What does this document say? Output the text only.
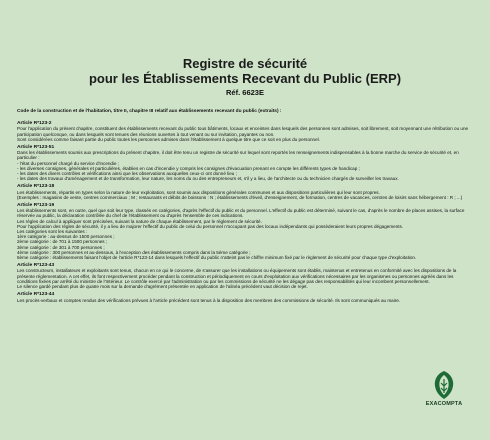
Registre de sécurité

pour les Établissements Recevant du Public (ERP)

Réf. 6623E
Code de la construction et de l'habitation, titre II, chapitre III relatif aux établissements recevant du public (extraits) :
Article R*123-2

Pour l'application du présent chapitre, constituent des établissements recevant du public tous bâtiments, locaux et enceintes dans lesquels des personnes sont admises, soit librement, soit moyennant une rétribution ou une participation quelconque, ou dans lesquels sont tenues des réunions ouvertes à tout venant ou sur invitation, payantes ou non.

Sont considérées comme faisant partie du public toutes les personnes admises dans l'établissement à quelque titre que ce soit en plus du personnel.

Article R*123-51

Dans les établissements soumis aux prescriptions du présent chapitre, il doit être tenu un registre de sécurité sur lequel sont reportés les renseignements indispensables à la bonne marche du service de sécurité et, en particulier :

- l'état du personnel chargé du service d'incendie ;

- les diverses consignes, générales et particulières, établies en cas d'incendie y compris les consignes d'évacuation prenant en compte les différents types de handicap ;

- les dates des divers contrôles et vérifications ainsi que les observations auxquelles ceux-ci ont donné lieu ;

- les dates des travaux d'aménagement et de transformation, leur nature, les noms du ou des entrepreneurs et, s'il y a lieu, de l'architecte ou du technicien chargés de surveiller les travaux.

Article R*123-18

Les établissements, répartis en types selon la nature de leur exploitation, sont soumis aux dispositions générales communes et aux dispositions particulières qui leur sont propres.

(Exemples : magasins de vente, centres commerciaux ; M ; restaurants et débits de boissons : N ; établissements d'éveil, d'enseignement, de formation, centres de vacances, centres de loisirs sans hébergement : R ; ...)

Article R*123-19

Les établissements sont, en outre, quel que soit leur type, classés en catégories, d'après l'effectif du public et du personnel. L'effectif du public est déterminé, suivant le cas, d'après le nombre de places assises, la surface réservée au public, la déclaration contrôlée du chef de l'établissement ou d'après l'ensemble de ces indications.

Les règles de calcul à appliquer sont précisées, suivant la nature de chaque établissement, par le règlement de sécurité.

Pour l'application des règles de sécurité, il y a lieu de majorer l'effectif du public de celui du personnel n'occupant pas des locaux indépendants qui possèderaient leurs propres dégagements.

Les catégories sont les suivantes :

1ère catégorie : au-dessus de 1500 personnes ;

2ème catégorie : de 701 à 1500 personnes ;

3ème catégorie : de 301 à 700 personnes ;

4ème catégorie : 300 personnes et au-dessous, à l'exception des établissements compris dans la 5ème catégorie ;

5ème catégorie : établissements faisant l'objet de l'article R*123-14 dans lesquels l'effectif du public n'atteint pas le chiffre minimum fixé par le règlement de sécurité pour chaque type d'exploitation.

Article R*123-43

Les constructeurs, installateurs et exploitants sont tenus, chacun en ce qui le concerne, de s'assurer que les installations ou équipements sont établis, maintenus et entretenus en conformité avec les dispositions de la présente réglementation. A cet effet, ils font respectivement procéder pendant la construction et périodiquement en cours d'exploitation aux vérifications nécessaires par les organismes ou personnes agréés dans les conditions fixées par arrêté du ministre de l'Intérieur. Le contrôle exercé par l'administration ou par les commissions de sécurité ne les dégage pas des responsabilités qui leur incombent personnellement.

Le silence gardé pendant plus de quatre mois sur la demande d'agrément présentée en application de l'alinéa précédent vaut décision de rejet.

Article R*123-44

Les procès-verbaux et comptes rendus des vérifications prévues à l'article précédent sont tenus à la disposition des membres des commissions de sécurité. Ils sont communiqués au maire.

EXACOMPTA
